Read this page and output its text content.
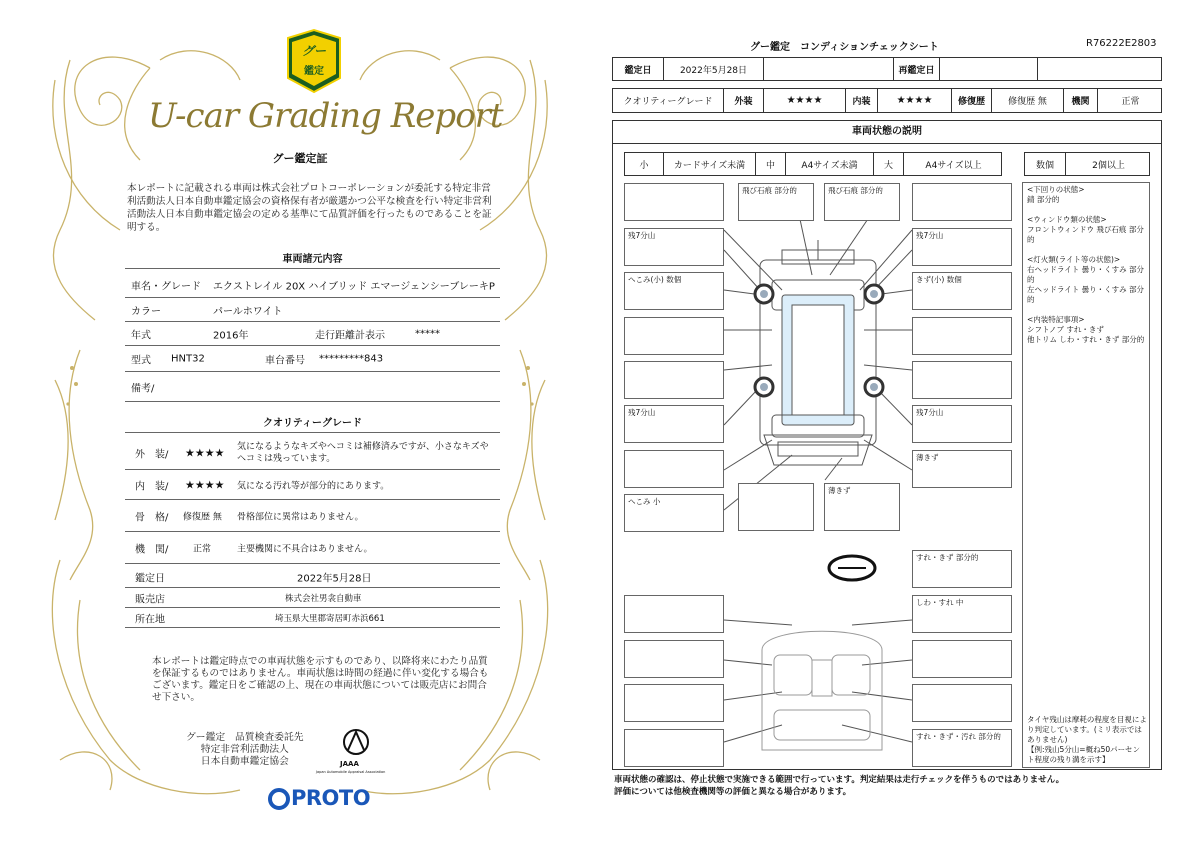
グー
鑑定
U-car Grading Report
グー鑑定証
本レポートに記載される車両は株式会社プロトコーポレーションが委託する特定非営利活動法人日本自動車鑑定協会の資格保有者が厳選かつ公平な検査を行い特定非営利活動法人日本自動車鑑定協会の定める基準にて品質評価を行ったものであることを証明する。
車両諸元内容
車名・グレード エクストレイル 20X ハイブリッド エマージェンシーブレーキP
カラー	パールホワイト
年式	2016年	走行距離計表示	*****
型式 HNT32	車台番号 *********843
備考/
クオリティーグレード
外　装/ ★★★★ 気になるようなキズやヘコミは補修済みですが、小さなキズやヘコミは残っています。
内　装/ ★★★★ 気になる汚れ等が部分的にあります。
骨　格/ 修復歴 無 骨格部位に異常はありません。
機　関/	正常	主要機関に不具合はありません。
鑑定日	2022年5月28日
販売店	株式会社男衾自動車
所在地	埼玉県大里郡寄居町赤浜661
本レポートは鑑定時点での車両状態を示すものであり、以降将来にわたり品質を保証するものではありません。車両状態は時間の経過に伴い変化する場合もございます。鑑定日をご確認の上、現在の車両状態については販売店にお問合せ下さい。
グー鑑定　品質検査委託先
特定非営利活動法人
日本自動車鑑定協会	JAAA
Japan Automobile Appraisal Association
PROTO
グー鑑定　コンディションチェックシート	R76222E2803
鑑定日	2022年5月28日	再鑑定日
クオリティーグレード	外装	★★★★	内装	★★★★	修復歴	修復歴 無	機関	正常
車両状態の説明
小	カードサイズ未満	中	A4サイズ未満	大	A4サイズ以上	数個	2個以上
<下回りの状態>
錆 部分的

<ウィンドウ類の状態>
フロントウィンドウ 飛び石痕 部分的

<灯火類(ライト等の状態)>
右ヘッドライト 曇り・くすみ 部分的
左ヘッドライト 曇り・くすみ 部分的

<内装特記事項>
シフトノブ すれ・きず
他トリム しわ・すれ・きず 部分的
タイヤ残山は摩耗の程度を目視により判定しています。(ミリ表示ではありません)
【例:残山5分山=概ね50パーセント程度の残り溝を示す】
飛び石痕 部分的	飛び石痕 部分的
残7分山	残7分山
へこみ(小) 数個	きず(小) 数個
残7分山	残7分山
薄きず
へこみ 小
薄きず
すれ・きず 部分的
しわ・すれ 中
すれ・きず・汚れ 部分的
車両状態の確認は、停止状態で実施できる範囲で行っています。判定結果は走行チェックを伴うものではありません。
評価については他検査機関等の評価と異なる場合があります。
